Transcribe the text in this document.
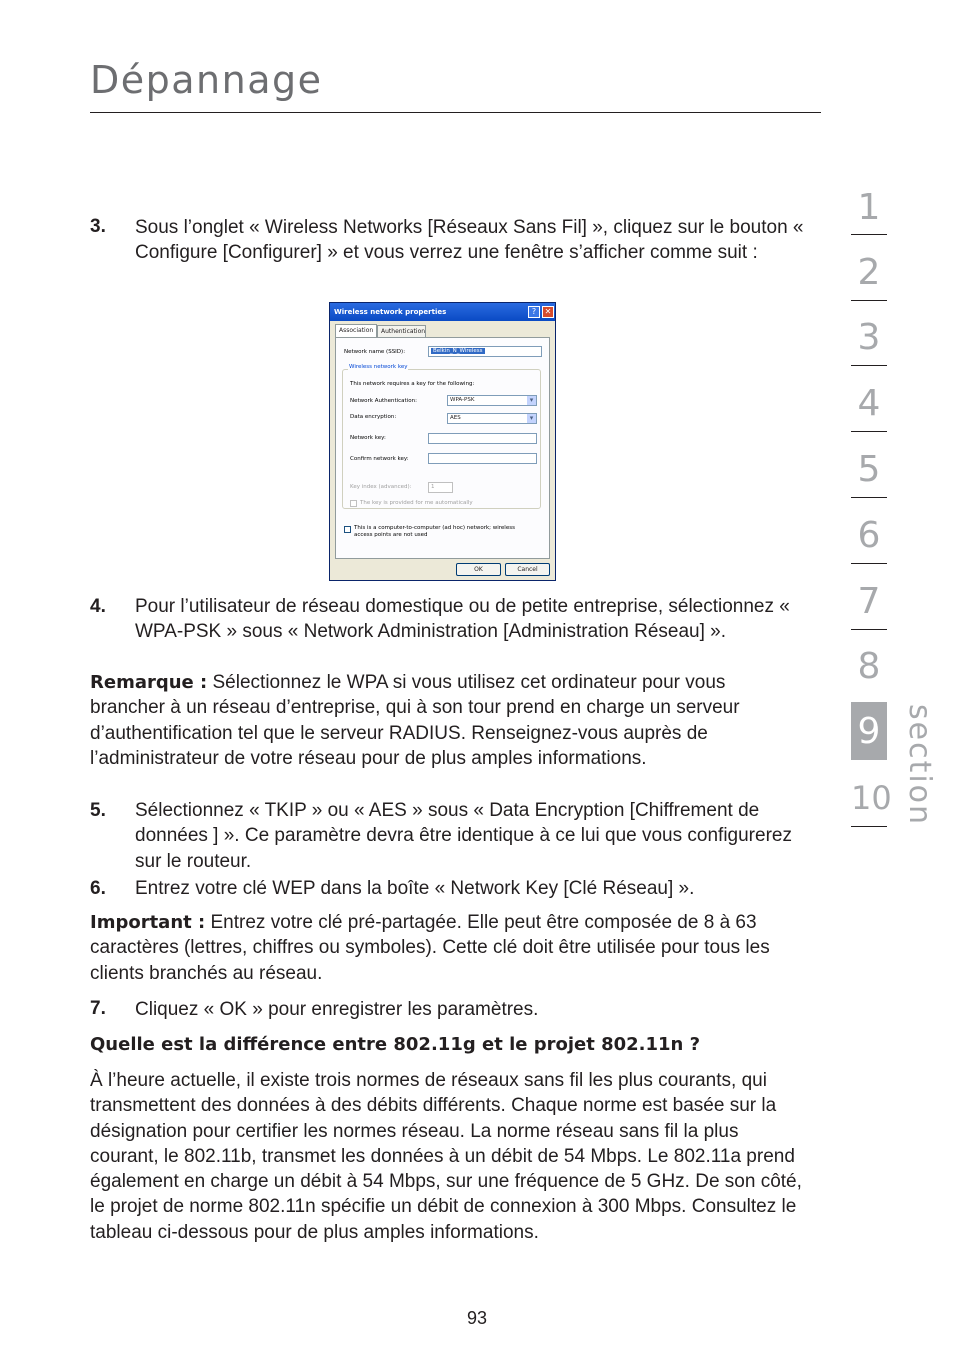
Dépannage
3. Sous l’onglet « Wireless Networks [Réseaux Sans Fil] », cliquez sur le bouton « Configure [Configurer] » et vous verrez une fenêtre s’afficher comme suit :
Wireless network properties	?	✕
Association	Authentication
Network name (SSID):	Belkin_N_Wireless
Wireless network key
This network requires a key for the following:
Network Authentication:	WPA-PSK ▾
Data encryption:	AES ▾
Network key:
Confirm network key:
Key index (advanced):	1
The key is provided for me automatically
This is a computer-to-computer (ad hoc) network; wireless access points are not used
OK	Cancel
4. Pour l’utilisateur de réseau domestique ou de petite entreprise, sélectionnez « WPA-PSK » sous « Network Administration [Administration Réseau] ».
Remarque : Sélectionnez le WPA si vous utilisez cet ordinateur pour vous brancher à un réseau d’entreprise, qui à son tour prend en charge un serveur d’authentification tel que le serveur RADIUS. Renseignez-vous auprès de l’administrateur de votre réseau pour de plus amples informations.
5. Sélectionnez « TKIP » ou « AES » sous « Data Encryption [Chiffrement de données ] ». Ce paramètre devra être identique à ce lui que vous configurerez sur le routeur.
6. Entrez votre clé WEP dans la boîte « Network Key [Clé Réseau] ».
Important : Entrez votre clé pré-partagée. Elle peut être composée de 8 à 63 caractères (lettres, chiffres ou symboles). Cette clé doit être utilisée pour tous les clients branchés au réseau.
7. Cliquez « OK » pour enregistrer les paramètres.
Quelle est la différence entre 802.11g et le projet 802.11n ?
À l’heure actuelle, il existe trois normes de réseaux sans fil les plus courants, qui transmettent des données à des débits différents. Chaque norme est basée sur la désignation pour certifier les normes réseau. La norme réseau sans fil la plus courant, le 802.11b, transmet les données à un débit de 54 Mbps. Le 802.11a prend également en charge un débit à 54 Mbps, sur une fréquence de 5 GHz. De son côté, le projet de norme 802.11n spécifie un débit de connexion à 300 Mbps. Consultez le tableau ci-dessous pour de plus amples informations.
93
1
2
3
4
5
6
7
8
9
10 section
